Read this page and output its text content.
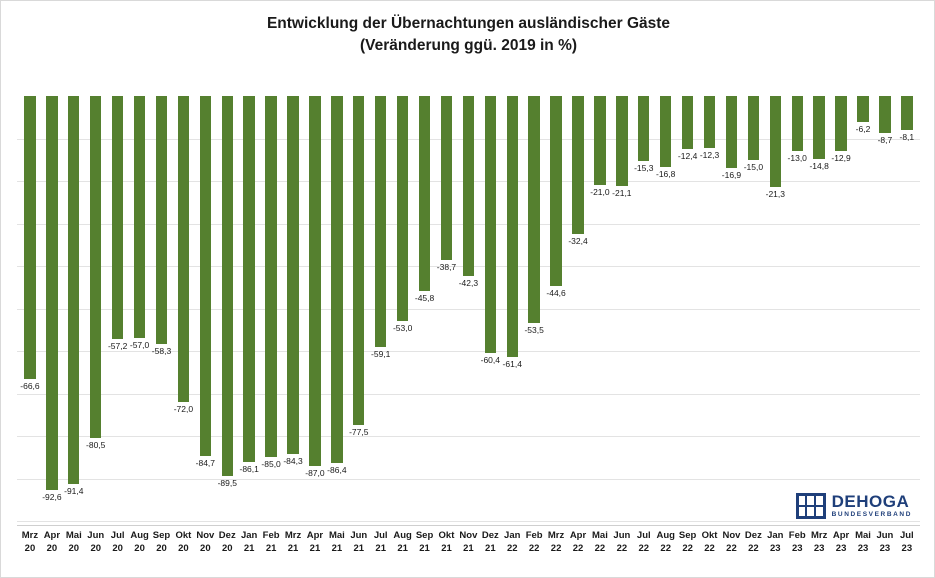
Entwicklung der Übernachtungen ausländischer Gäste
(Veränderung ggü. 2019 in %)
-66,6
-92,6
-91,4
-80,5
-57,2 -57,0
-58,3
-72,0
-84,7
-89,5
-86,1 -85,0 -84,3
-87,0 -86,4
-77,5
-59,1
-53,0
-45,8
-38,7
-42,3
-60,4 -61,4
-53,5
-44,6
-32,4
-21,0 -21,1
-15,3
-16,8
-12,4 -12,3
-16,9
-15,0
-21,3
-13,0
-14,8
-12,9
-6,2
-8,7 -8,1
Mrz
20
Apr
20
Mai
20
Jun
20
Jul
20
Aug
20
Sep
20
Okt
20
Nov
20
Dez
20
Jan
21
Feb
21
Mrz
21
Apr
21
Mai
21
Jun
21
Jul
21
Aug
21
Sep
21
Okt
21
Nov
21
Dez
21
Jan
22
Feb
22
Mrz
22
Apr
22
Mai
22
Jun
22
Jul
22
Aug
22
Sep
22
Okt
22
Nov
22
Dez
22
Jan
23
Feb
23
Mrz
23
Apr
23
Mai
23
Jun
23
Jul
23
DEHOGA
BUNDESVERBAND
